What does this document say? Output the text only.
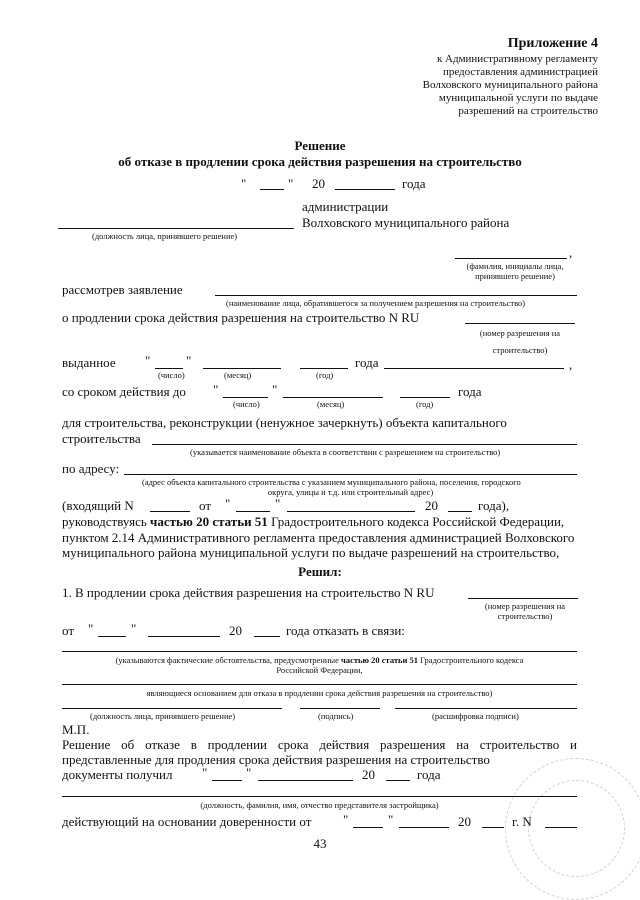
Приложение 4
к Административному регламенту
предоставления администрацией
Волховского муниципального района
муниципальной услуги по выдаче
разрешений на строительство
Решение
об отказе в продлении срока действия разрешения на строительство
"	" 20	года
администрации
Волховского муниципального района
(должность лица, принявшего решение)
,
(фамилия, инициалы лица,
принявшего решение)
рассмотрев заявление
(наименование лица, обратившегося за получением разрешения на строительство)
о продлении срока действия разрешения на строительство N RU
(номер разрешения на
строительство)
выданное "	"	года	,
(число)	(месяц)	(год)
со сроком действия до "	"	года
(число)	(месяц)	(год)
для строительства, реконструкции (ненужное зачеркнуть) объекта капитального
строительства
(указывается наименование объекта в соответствии с разрешением на строительство)
по адресу:
(адрес объекта капитального строительства с указанием муниципального района, поселения, городского
округа, улицы и т.д. или строительный адрес)
(входящий N	от "	"	20	года),
руководствуясь частью 20 статьи 51 Градостроительного кодекса Российской Федерации,
пунктом 2.14 Административного регламента предоставления администрацией Волховского
муниципального района муниципальной услуги по выдаче разрешений на строительство,
Решил:
1. В продлении срока действия разрешения на строительство N RU
(номер разрешения на
строительство)
от "	"	20	года отказать в связи:
(указываются фактические обстоятельства, предусмотренные частью 20 статьи 51 Градостроительного кодекса
Российской Федерации,
являющиеся основанием для отказа в продлении срока действия разрешения на строительство)
(должность лица, принявшего решение)	(подпись)	(расшифровка подписи)
М.П.
Решение об отказе в продлении срока действия разрешения на строительство и
представленные для продления срока действия разрешения на строительство
документы получил "	"	20	года
(должность, фамилия, имя, отчество представителя застройщика)
действующий на основании доверенности от "	"	20	г. N
43
